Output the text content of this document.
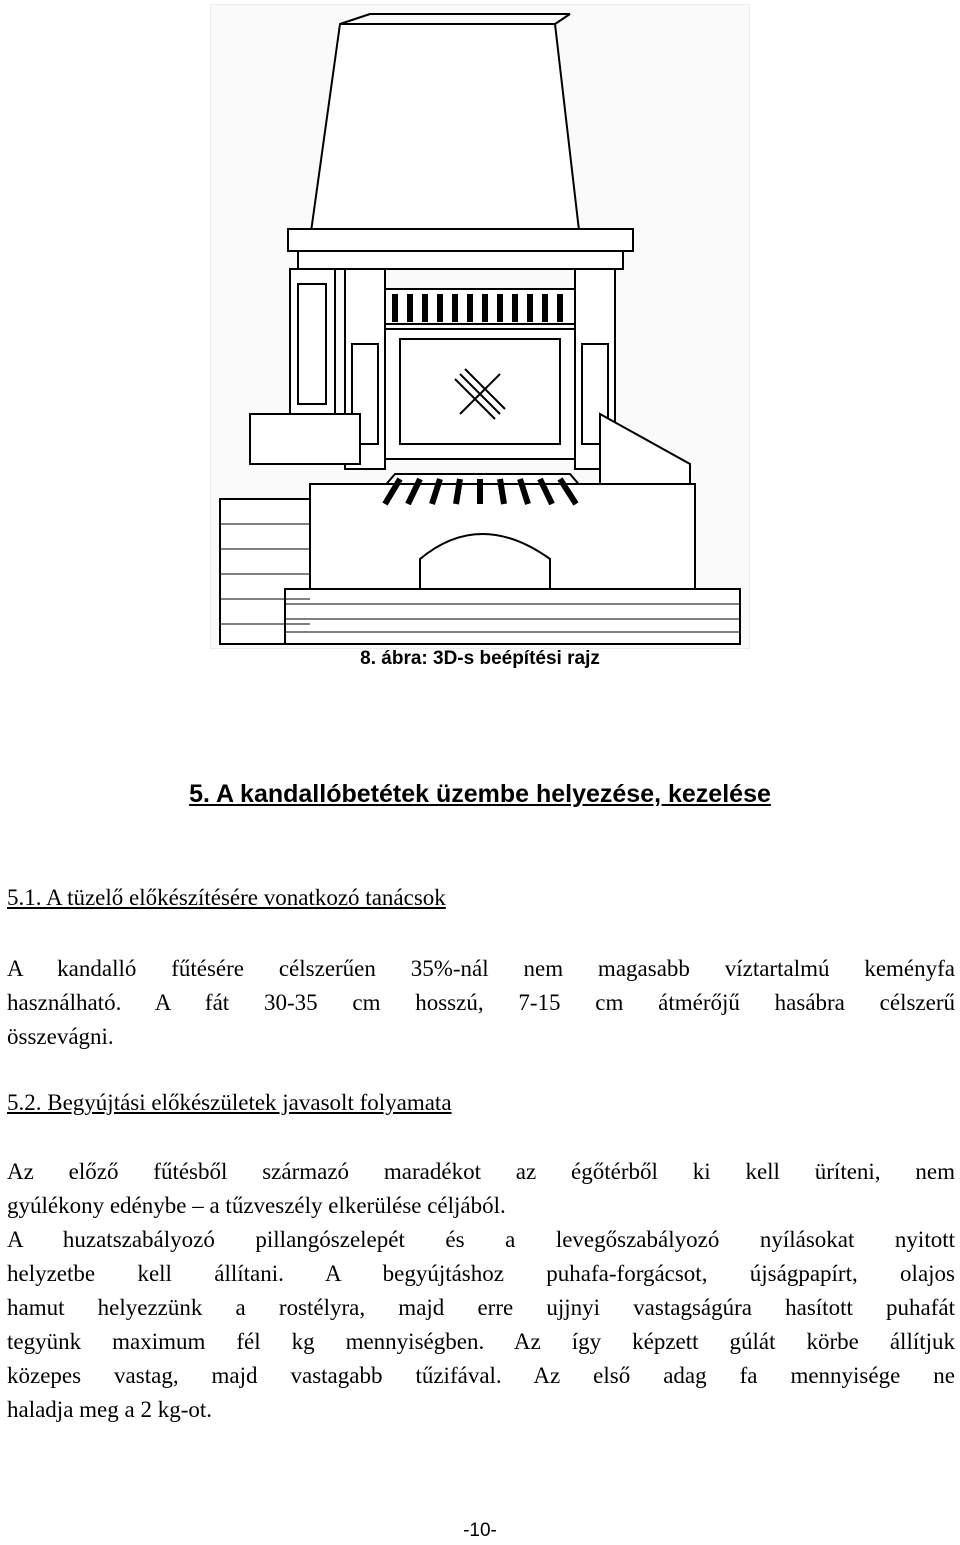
8. ábra: 3D-s beépítési rajz
5. A kandallóbetétek üzembe helyezése, kezelése
5.1. A tüzelő előkészítésére vonatkozó tanácsok
A kandalló fűtésére célszerűen 35%-nál nem magasabb víztartalmú keményfa
használható. A fát 30-35 cm hosszú, 7-15 cm átmérőjű hasábra célszerű
összevágni.
5.2. Begyújtási előkészületek javasolt folyamata
Az előző fűtésből származó maradékot az égőtérből ki kell üríteni, nem
gyúlékony edénybe – a tűzveszély elkerülése céljából.
A huzatszabályozó pillangószelepét és a levegőszabályozó nyílásokat nyitott
helyzetbe kell állítani. A begyújtáshoz puhafa-forgácsot, újságpapírt, olajos
hamut helyezzünk a rostélyra, majd erre ujjnyi vastagságúra hasított puhafát
tegyünk maximum fél kg mennyiségben. Az így képzett gúlát körbe állítjuk
közepes vastag, majd vastagabb tűzifával. Az első adag fa mennyisége ne
haladja meg a 2 kg-ot.
-10-
